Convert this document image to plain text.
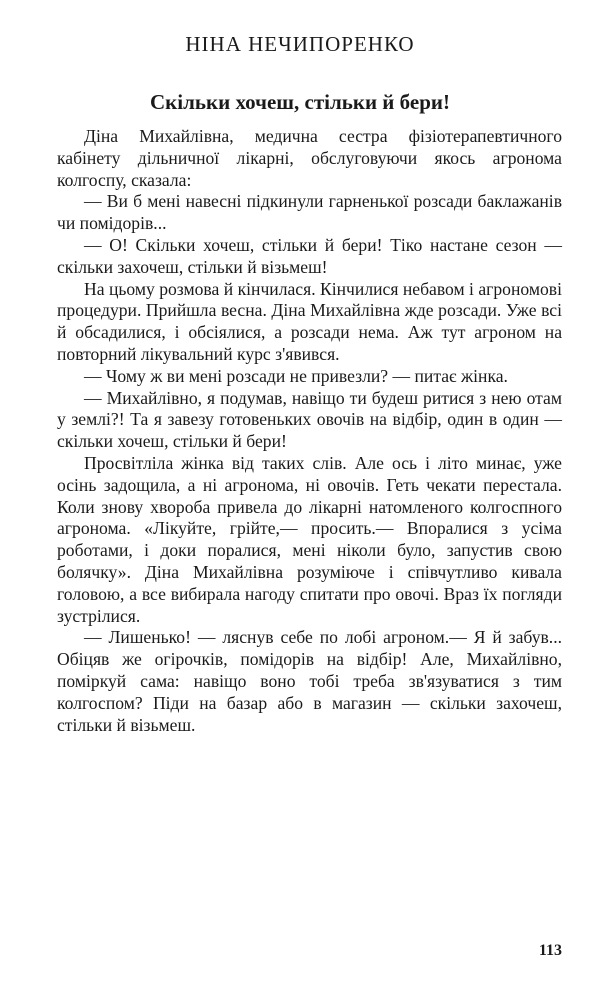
НІНА НЕЧИПОРЕНКО
Скільки хочеш, стільки й бери!

Діна Михайлівна, медична сестра фізіотерапевтичного кабінету дільничної лікарні, обслуговуючи якось агронома колгоспу, сказала:

— Ви б мені навесні підкинули гарненької розсади баклажанів чи помідорів...

— О! Скільки хочеш, стільки й бери! Тіко настане сезон — скільки захочеш, стільки й візьмеш!

На цьому розмова й кінчилася. Кінчилися небавом і агрономові процедури. Прийшла весна. Діна Михайлівна жде розсади. Уже всі й обсадилися, і обсіялися, а розсади нема. Аж тут агроном на повторний лікувальний курс з'явився.

— Чому ж ви мені розсади не привезли? — питає жінка.

— Михайлівно, я подумав, навіщо ти будеш ритися з нею отам у землі?! Та я завезу готовеньких овочів на відбір, один в один — скільки хочеш, стільки й бери!

Просвітліла жінка від таких слів. Але ось і літо минає, уже осінь задощила, а ні агронома, ні овочів. Геть чекати перестала. Коли знову хвороба привела до лікарні натомленого колгоспного агронома. «Лікуйте, грійте,— просить.— Впоралися з усіма роботами, і доки поралися, мені ніколи було, запустив свою болячку». Діна Михайлівна розуміюче і співчутливо кивала головою, а все вибирала нагоду спитати про овочі. Враз їх погляди зустрілися.

— Лишенько! — ляснув себе по лобі агроном.— Я й забув... Обіцяв же огірочків, помідорів на відбір! Але, Михайлівно, поміркуй сама: навіщо воно тобі треба зв'язуватися з тим колгоспом? Піди на базар або в магазин — скільки захочеш, стільки й візьмеш.

113
